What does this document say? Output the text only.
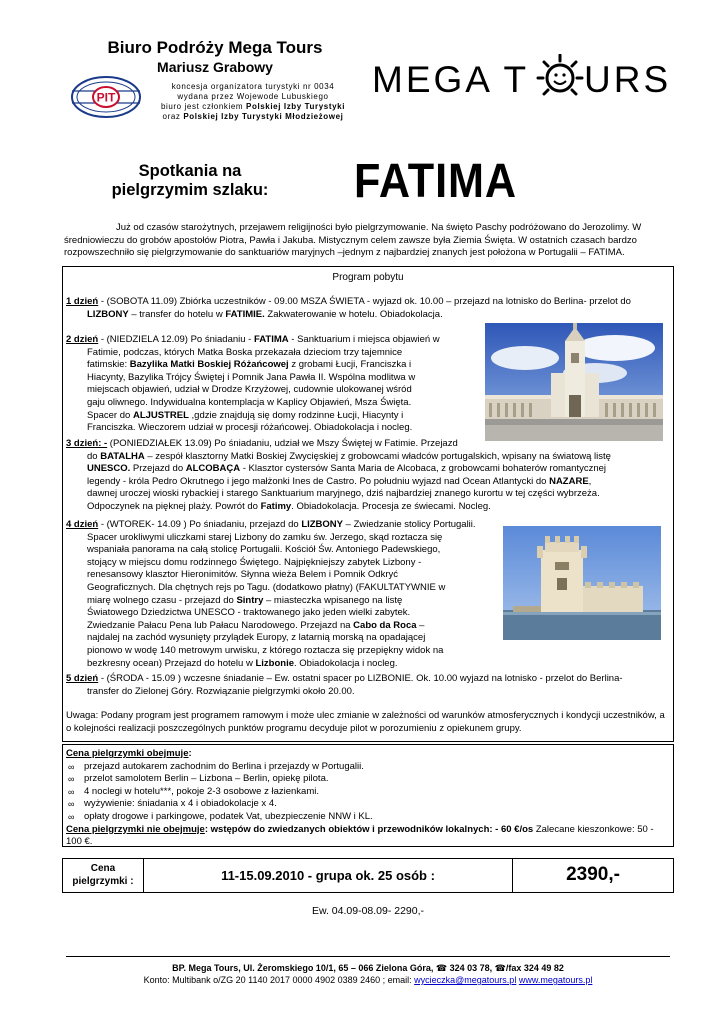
Biuro Podróży Mega Tours
Mariusz Grabowy
koncesja organizatora turystyki nr 0034
wydana przez Wojewode Lubuskiego
biuro jest członkiem Polskiej Izby Turystyki
oraz Polskiej Izby Turystyki Młodzieżowej
PIT	MEGA T URS
Spotkania na
pielgrzymim szlaku:	FATIMA
Już od czasów starożytnych, przejawem religijności było pielgrzymowanie. Na święto Paschy podróżowano do Jerozolimy. W średniowieczu do grobów apostołów Piotra, Pawła i Jakuba. Mistycznym celem zawsze była Ziemia Święta. W ostatnich czasach bardzo rozpowszechniło się pielgrzymowanie do sanktuariów maryjnych –jednym z najbardziej znanych jest położona w Portugalii – FATIMA.
Program pobytu

1 dzień - (SOBOTA 11.09) Zbiórka uczestników - 09.00 MSZA ŚWIETA - wyjazd ok. 10.00 – przejazd na lotnisko do Berlina- przelot do

LIZBONY – transfer do hotelu w FATIMIE. Zakwaterowanie w hotelu. Obiadokolacja.

2 dzień - (NIEDZIELA 12.09) Po śniadaniu - FATIMA - Sanktuarium i miejsca objawień w

Fatimie, podczas, których Matka Boska przekazała dzieciom trzy tajemnice

fatimskie: Bazylika Matki Boskiej Różańcowej z grobami Łucji, Franciszka i

Hiacynty, Bazylika Trójcy Świętej i Pomnik Jana Pawła II. Wspólna modlitwa w

miejscach objawień, udział w Drodze Krzyżowej, cudownie ulokowanej wśród

gaju oliwnego. Indywidualna kontemplacja w Kaplicy Objawień, Msza Święta.

Spacer do ALJUSTREL ,gdzie znajdują się domy rodzinne Łucji, Hiacynty i

Franciszka. Wieczorem udział w procesji różańcowej. Obiadokolacja i nocleg.

3 dzień: - (PONIEDZIAŁEK 13.09) Po śniadaniu, udział we Mszy Świętej w Fatimie. Przejazd

do BATALHA – zespół klasztorny Matki Boskiej Zwycięskiej z grobowcami władców portugalskich, wpisany na światową listę

UNESCO. Przejazd do ALCOBAÇA - Klasztor cystersów Santa Maria de Alcobaca, z grobowcami bohaterów romantycznej

legendy - króla Pedro Okrutnego i jego małżonki Ines de Castro. Po południu wyjazd nad Ocean Atlantycki do NAZARE,

dawnej uroczej wioski rybackiej i starego Sanktuarium maryjnego, dziś najbardziej znanego kurortu w tej części wybrzeża.

Odpoczynek na pięknej plaży. Powrót do Fatimy. Obiadokolacja. Procesja ze świecami. Nocleg.

4 dzień - (WTOREK- 14.09 ) Po śniadaniu, przejazd do LIZBONY – Zwiedzanie stolicy Portugalii.

Spacer urokliwymi uliczkami starej Lizbony do zamku św. Jerzego, skąd roztacza się

wspaniała panorama na całą stolicę Portugalii. Kościół Św. Antoniego Padewskiego,

stojący w miejscu domu rodzinnego Świętego. Najpiękniejszy zabytek Lizbony -

renesansowy klasztor Hieronimitów. Słynna wieża Belem i Pomnik Odkryć

Geograficznych. Dla chętnych rejs po Tagu. (dodatkowo płatny) (FAKULTATYWNIE w

miarę wolnego czasu - przejazd do Sintry – miasteczka wpisanego na listę

Światowego Dziedzictwa UNESCO - traktowanego jako jeden wielki zabytek.

Zwiedzanie Pałacu Pena lub Pałacu Narodowego. Przejazd na Cabo da Roca –

najdalej na zachód wysunięty przylądek Europy, z latarnią morską na opadającej

pionowo w wodę 140 metrowym urwisku, z którego roztacza się przepiękny widok na

bezkresny ocean) Przejazd do hotelu w Lizbonie. Obiadokolacja i nocleg.

5 dzień - (ŚRODA - 15.09 ) wczesne śniadanie – Ew. ostatni spacer po LIZBONIE. Ok. 10.00 wyjazd na lotnisko - przelot do Berlina-

transfer do Zielonej Góry. Rozwiązanie pielgrzymki około 20.00.

Uwaga: Podany program jest programem ramowym i może ulec zmianie w zależności od warunków atmosferycznych i kondycji uczestników, a o kolejności realizacji poszczególnych punktów programu decyduje pilot w porozumieniu z opiekunem grupy.
Cena pielgrzymki obejmuje:
∞ przejazd autokarem zachodnim do Berlina i przejazdy w Portugalii.
∞ przelot samolotem Berlin – Lizbona – Berlin, opiekę pilota.
∞ 4 noclegi w hotelu***, pokoje 2-3 osobowe z łazienkami.
∞ wyżywienie: śniadania x 4 i obiadokolacje x 4.
∞ opłaty drogowe i parkingowe, podatek Vat, ubezpieczenie NNW i KL.
Cena pielgrzymki nie obejmuje: wstępów do zwiedzanych obiektów i przewodników lokalnych: - 60 €/os Zalecane kieszonkowe: 50 - 100 €.
Cena
pielgrzymki :	11-15.09.2010 - grupa ok. 25 osób :	2390,-
Ew. 04.09-08.09- 2290,-
BP. Mega Tours, Ul. Żeromskiego 10/1, 65 – 066 Zielona Góra, ☎ 324 03 78, ☎/fax 324 49 82
Konto: Multibank o/ZG 20 1140 2017 0000 4902 0389 2460 ; email: wycieczka@megatours.pl www.megatours.pl
